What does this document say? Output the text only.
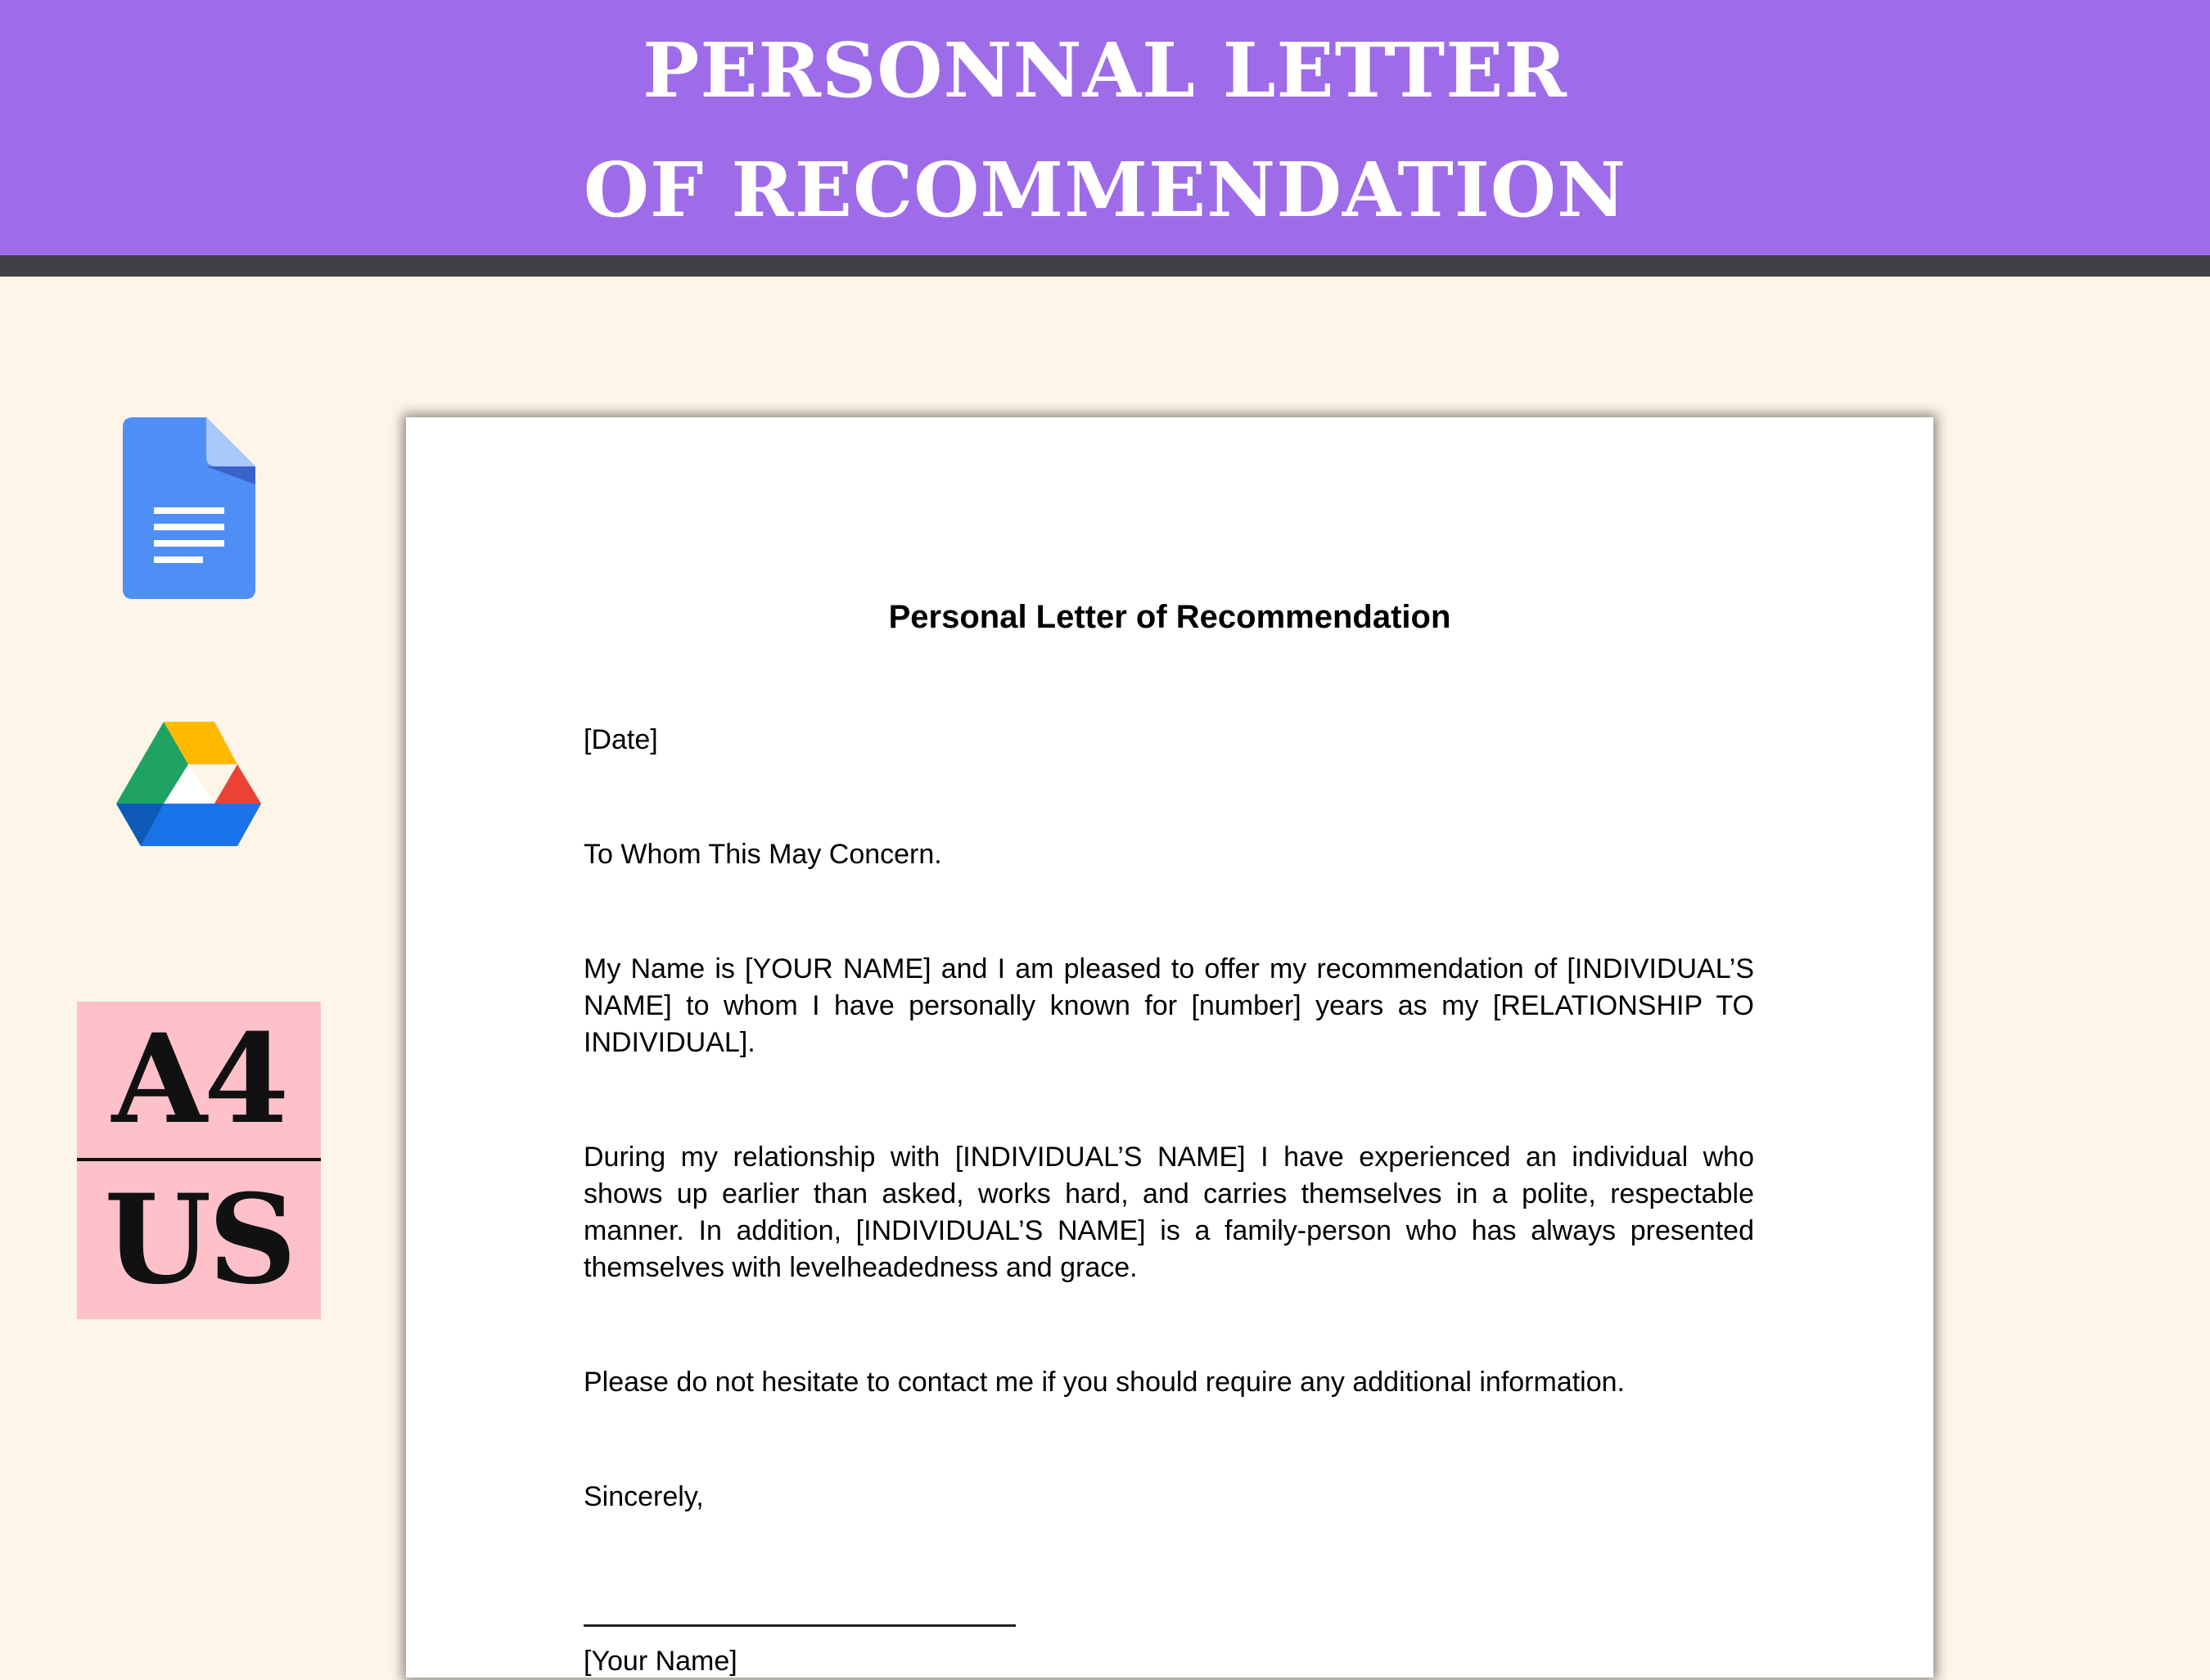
PERSONNAL LETTER
OF RECOMMENDATION
A4
US
Personal Letter of Recommendation

[Date]

To Whom This May Concern.

My Name is [YOUR NAME] and I am pleased to offer my recommendation of [INDIVIDUAL’S NAME] to whom I have personally known for [number] years as my [RELATIONSHIP TO INDIVIDUAL].

During my relationship with [INDIVIDUAL’S NAME] I have experienced an individual who shows up earlier than asked, works hard, and carries themselves in a polite, respectable manner. In addition, [INDIVIDUAL’S NAME] is a family-person who has always presented themselves with levelheadedness and grace.

Please do not hesitate to contact me if you should require any additional information.

Sincerely,

[Your Name]
